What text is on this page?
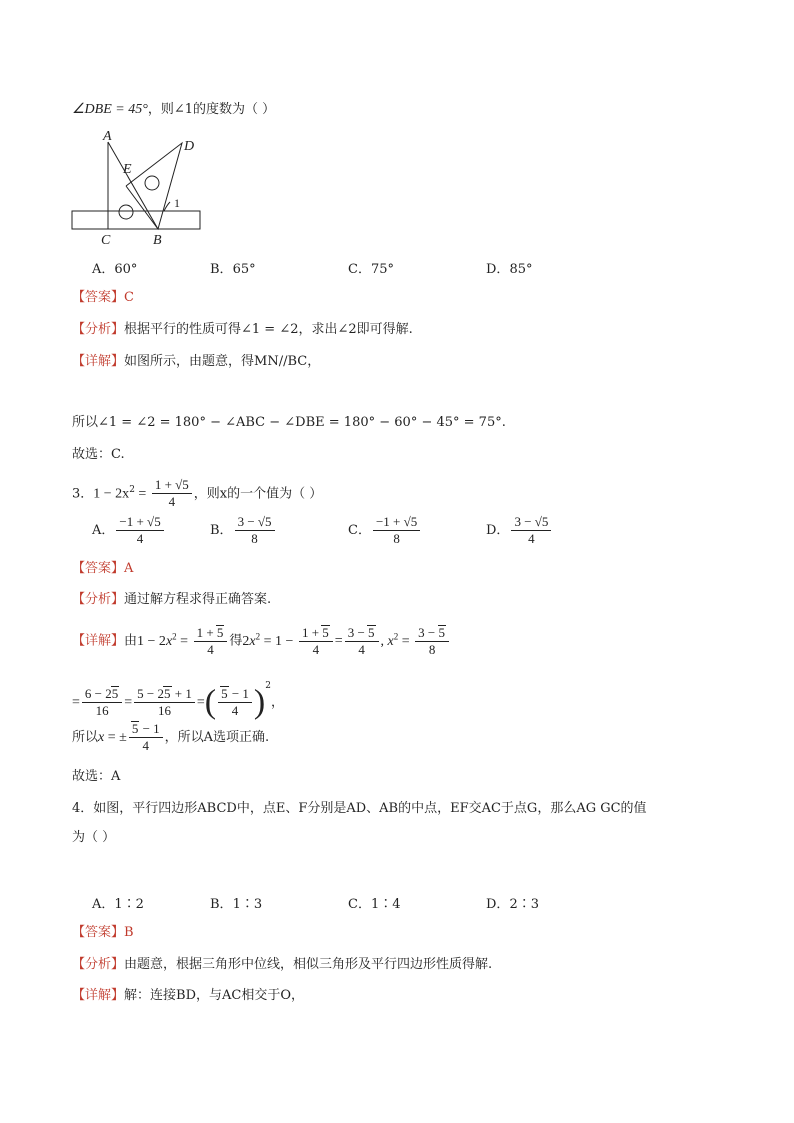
∠DBE = 45°，则∠1的度数为（ ）
A
D
E
C	B
1
A．60°	B．65°	C．75°	D．85°
【答案】C
【分析】根据平行的性质可得∠1 = ∠2，求出∠2即可得解.
【详解】如图所示，由题意，得MN//BC，
所以∠1 = ∠2 = 180° − ∠ABC − ∠DBE = 180° − 60° − 45° = 75°.
故选：C.
3．$1 - 2x^2 = \frac{1 + √5}{4}$ ，则x的一个值为（ ）
A． $\frac{-1 + √5}{4}$	B． $\frac{3 - √5}{8}$	C． $\frac{-1 + √5}{8}$	D． $\frac{3 - √5}{4}$
【答案】A
【分析】通过解方程求得正确答案.
【详解】由$1 - 2x^2 = \frac{1 + 5}{4}$ 得$2x^2 = 1 - \frac{1 + 5}{4} = \frac{3 - 5}{4}$ , $x^2 = \frac{3 - 5}{8}$
= $\frac{6 - 25}{16} = \frac{5 - 25 + 1}{16}$ =( $\frac{5 - 1}{4} )^2$，
所以x = ± $\frac{5 - 1}{4}$ ，所以A选项正确.
故选：A
4．如图，平行四边形ABCD中，点E、F分别是AD、AB的中点，EF交AC于点G，那么AG GC的值
为（ ）
A．1∶2	B．1∶3	C．1∶4	D．2∶3
【答案】B
【分析】由题意，根据三角形中位线，相似三角形及平行四边形性质得解.
【详解】解：连接BD，与AC相交于O，
